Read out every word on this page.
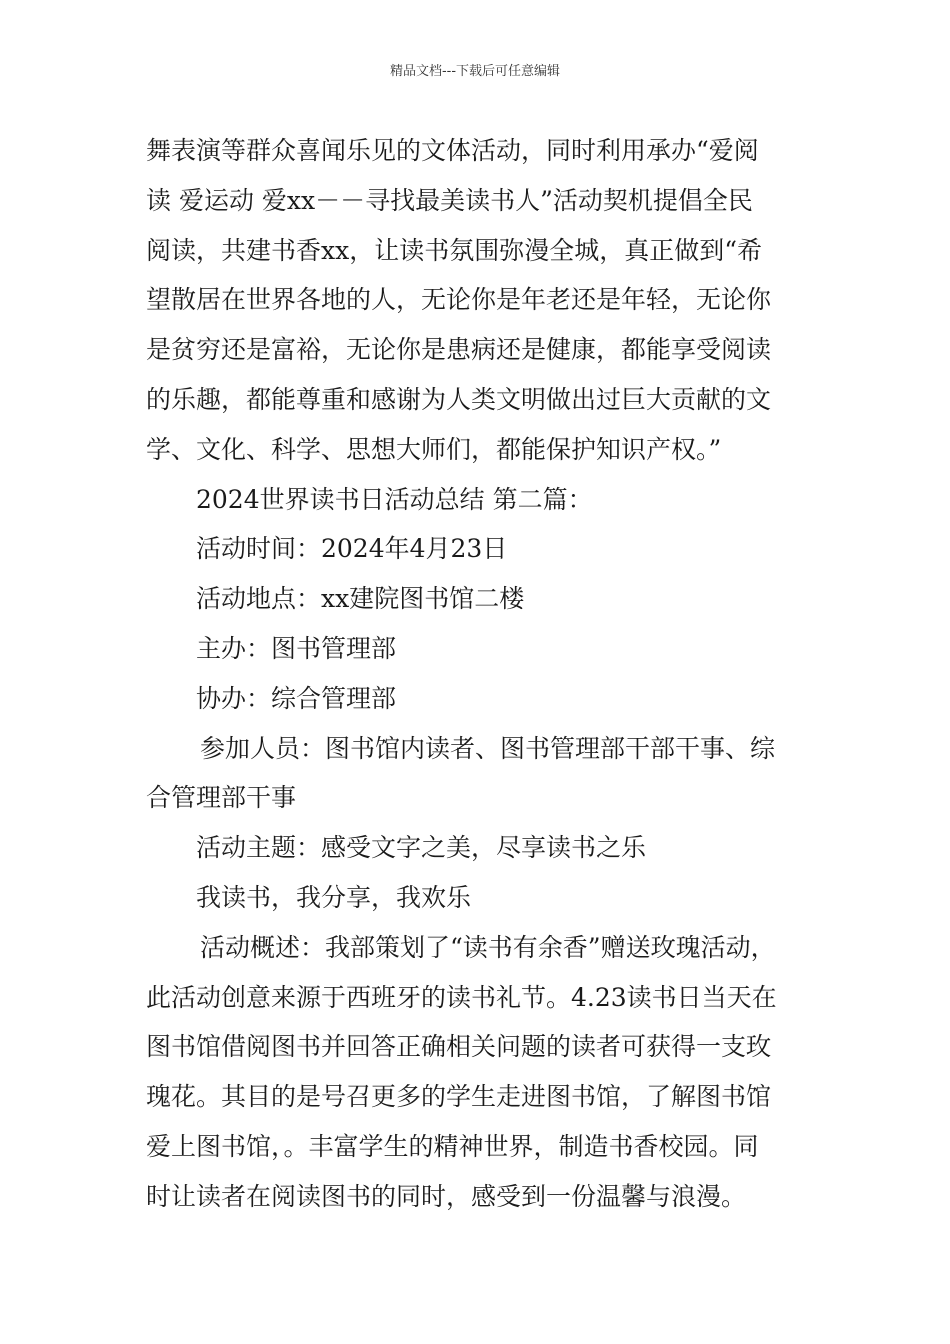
精品文档---下载后可任意编辑
舞表演等群众喜闻乐见的文体活动，同时利用承办“爱阅
读 爱运动 爱xx－－寻找最美读书人”活动契机提倡全民
阅读，共建书香xx，让读书氛围弥漫全城，真正做到“希
望散居在世界各地的人，无论你是年老还是年轻，无论你
是贫穷还是富裕，无论你是患病还是健康，都能享受阅读
的乐趣，都能尊重和感谢为人类文明做出过巨大贡献的文
学、文化、科学、思想大师们，都能保护知识产权。”
2024世界读书日活动总结 第二篇：
活动时间：2024年4月23日
活动地点：xx建院图书馆二楼
主办：图书管理部
协办：综合管理部
参加人员：图书馆内读者、图书管理部干部干事、综
合管理部干事
活动主题：感受文字之美，尽享读书之乐
我读书，我分享，我欢乐
活动概述：我部策划了“读书有余香”赠送玫瑰活动，
此活动创意来源于西班牙的读书礼节。4.23读书日当天在
图书馆借阅图书并回答正确相关问题的读者可获得一支玫
瑰花。其目的是号召更多的学生走进图书馆，了解图书馆
爱上图书馆，。丰富学生的精神世界，制造书香校园。同
时让读者在阅读图书的同时，感受到一份温馨与浪漫。
